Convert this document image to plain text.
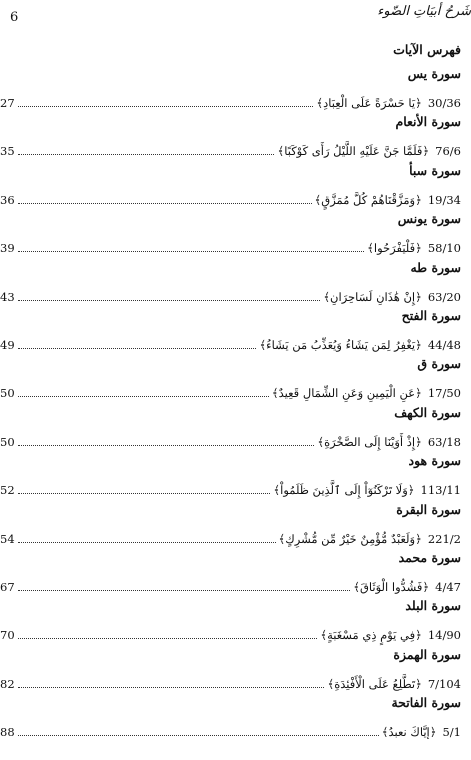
شَرحُ أبيَاتِ الضّوء
6
فهرس الآيات
سورة يس
30/36
﴿يَا حَسْرَةً عَلَى الْعِبَادِ﴾
27
سورة الأنعام
76/6
﴿فَلَمَّا جَنَّ عَلَيْهِ اللَّيْلُ رَأَى كَوْكَبًا﴾
35
سورة سبأ
19/34
﴿وَمَزَّقْنَاهُمْ كُلَّ مُمَزَّقٍ﴾
36
سورة يونس
58/10
﴿فَلْيَفْرَحُوا﴾
39
سورة طه
63/20
﴿إِنْ هَٰذَانِ لَسَاحِرَانِ﴾
43
سورة الفتح
44/48
﴿يَغْفِرُ لِمَن يَشَاءُ وَيُعَذِّبُ مَن يَشَاءُ﴾
49
سورة ق
17/50
﴿عَنِ الْيَمِينِ وَعَنِ الشِّمَالِ قَعِيدٌ﴾
50
سورة الكهف
63/18
﴿إِذْ أَوَيْنَا إِلَى الصَّخْرَةِ﴾
50
سورة هود
113/11
﴿وَلَا تَرْكَنُوٓاْ إِلَى ٱلَّذِينَ ظَلَمُواْ﴾
52
سورة البقرة
221/2
﴿وَلَعَبْدٌ مُّؤْمِنٌ خَيْرٌ مِّن مُّشْرِكٍ﴾
54
سورة محمد
4/47
﴿فَشُدُّوا الْوَثَاقَ﴾
67
سورة البلد
14/90
﴿فِي يَوْمٍ ذِي مَسْغَبَةٍ﴾
70
سورة الهمزة
7/104
﴿تَطَّلِعُ عَلَى الْأَفْئِدَةِ﴾
82
سورة الفاتحة
5/1
﴿إيَّاكَ نعبدُ﴾
88
